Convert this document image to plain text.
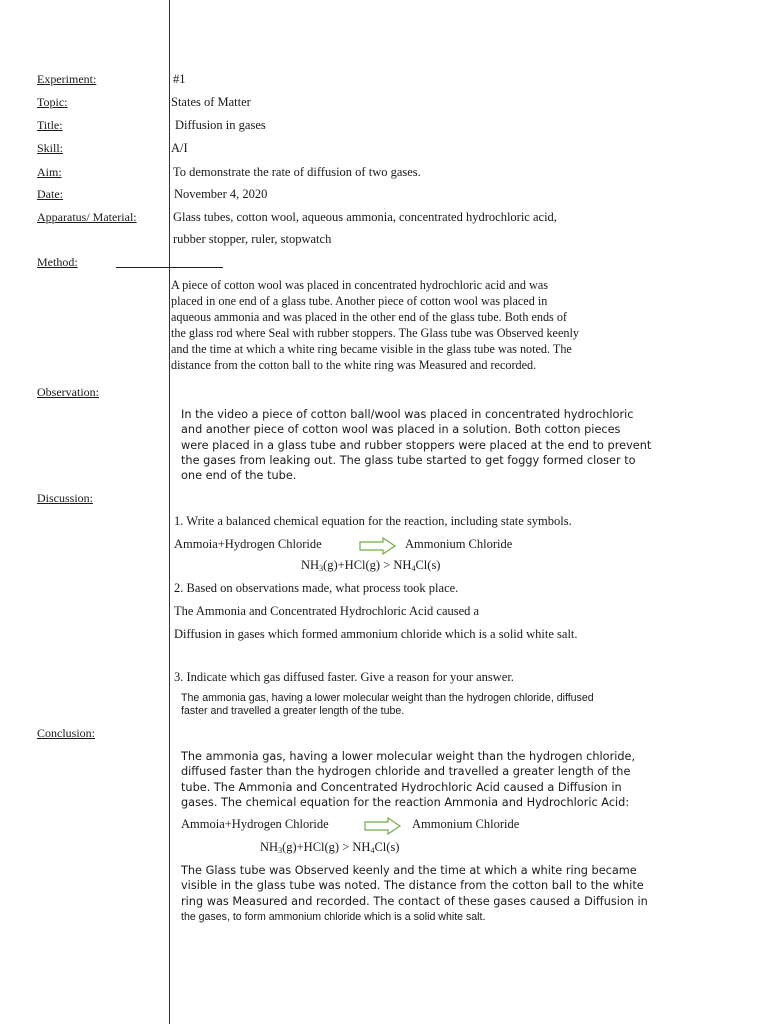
Experiment:	#1
Topic:	States of Matter
Title:	Diffusion in gases
Skill:	A/I
Aim:	To demonstrate the rate of diffusion of two gases.
Date:	November 4, 2020
Apparatus/ Material:	Glass tubes, cotton wool, aqueous ammonia, concentrated hydrochloric acid,
rubber stopper, ruler, stopwatch
Method:
A piece of cotton wool was placed in concentrated hydrochloric acid and was
placed in one end of a glass tube. Another piece of cotton wool was placed in
aqueous ammonia and was placed in the other end of the glass tube. Both ends of
the glass rod where Seal with rubber stoppers. The Glass tube was Observed keenly
and the time at which a white ring became visible in the glass tube was noted. The
distance from the cotton ball to the white ring was Measured and recorded.
Observation:
In the video a piece of cotton ball/wool was placed in concentrated hydrochloric
and another piece of cotton wool was placed in a solution. Both cotton pieces
were placed in a glass tube and rubber stoppers were placed at the end to prevent
the gases from leaking out. The glass tube started to get foggy formed closer to
one end of the tube.
Discussion:
1. Write a balanced chemical equation for the reaction, including state symbols.
Ammoia+Hydrogen Chloride	Ammonium Chloride
$NH_3(g)+HCl(g) > NH_4Cl(s)$
2. Based on observations made, what process took place.
The Ammonia and Concentrated Hydrochloric Acid caused a
Diffusion in gases which formed ammonium chloride which is a solid white salt.
3. Indicate which gas diffused faster. Give a reason for your answer.
The ammonia gas, having a lower molecular weight than the hydrogen chloride, diffused
faster and travelled a greater length of the tube.
Conclusion:
The ammonia gas, having a lower molecular weight than the hydrogen chloride,
diffused faster than the hydrogen chloride and travelled a greater length of the
tube. The Ammonia and Concentrated Hydrochloric Acid caused a Diffusion in
gases. The chemical equation for the reaction Ammonia and Hydrochloric Acid:
Ammoia+Hydrogen Chloride	Ammonium Chloride
$NH_3(g)+HCl(g) > NH_4Cl(s)$
The Glass tube was Observed keenly and the time at which a white ring became
visible in the glass tube was noted. The distance from the cotton ball to the white
ring was Measured and recorded. The contact of these gases caused a Diffusion in
the gases, to form ammonium chloride which is a solid white salt.
